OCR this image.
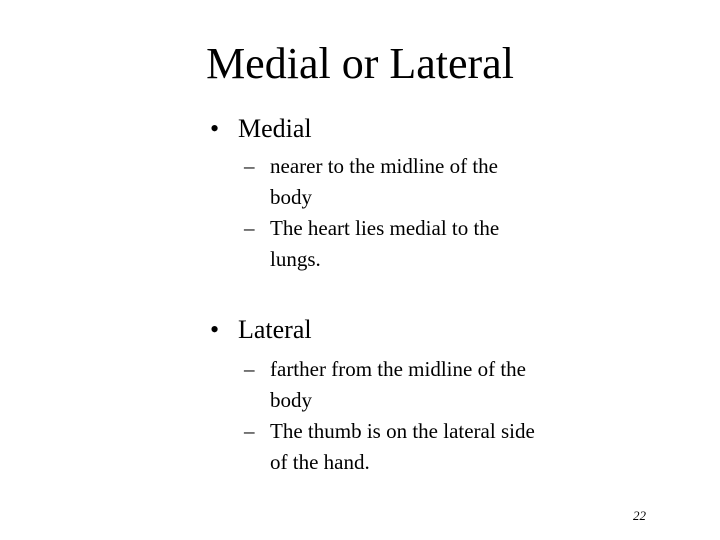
Medial or Lateral
• Medial
– nearer to the midline of the body
– The heart lies medial to the lungs.
• Lateral
– farther from the midline of the body
– The thumb is on the lateral side of the hand.
22
